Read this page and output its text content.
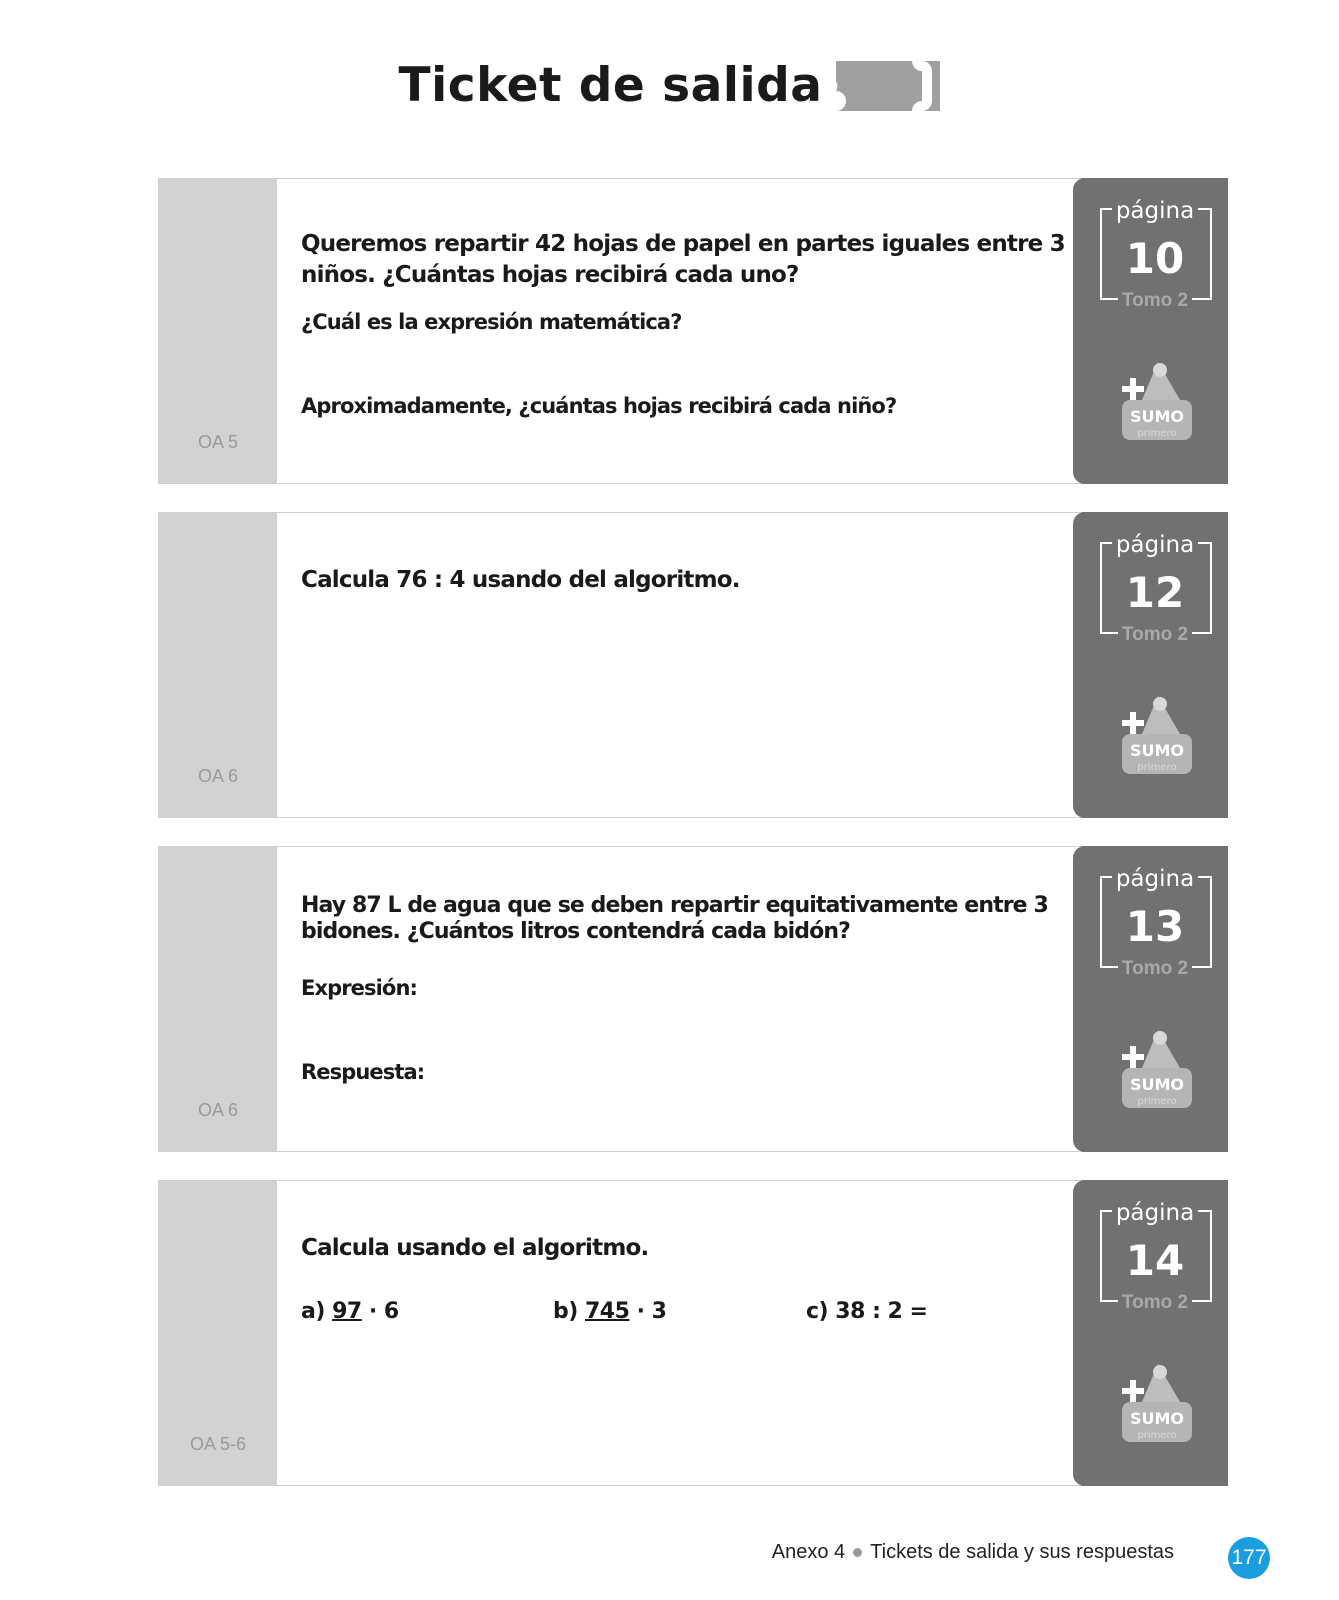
Ticket de salida
OA 5
Queremos repartir 42 hojas de papel en partes iguales entre 3 niños. ¿Cuántas hojas recibirá cada uno?
¿Cuál es la expresión matemática?
Aproximadamente, ¿cuántas hojas recibirá cada niño?
página
10
Tomo 2
SUMO
primero
OA 6
Calcula 76 : 4 usando del algoritmo.
página
12
Tomo 2
SUMO
primero
OA 6
Hay 87 L de agua que se deben repartir equitativamente entre 3 bidones. ¿Cuántos litros contendrá cada bidón?
Expresión:
Respuesta:
página
13
Tomo 2
SUMO
primero
OA 5-6
Calcula usando el algoritmo.
a) 97 · 6	b) 745 · 3	c) 38 : 2 =
página
14
Tomo 2
SUMO
primero
Anexo 4 Tickets de salida y sus respuestas	177
